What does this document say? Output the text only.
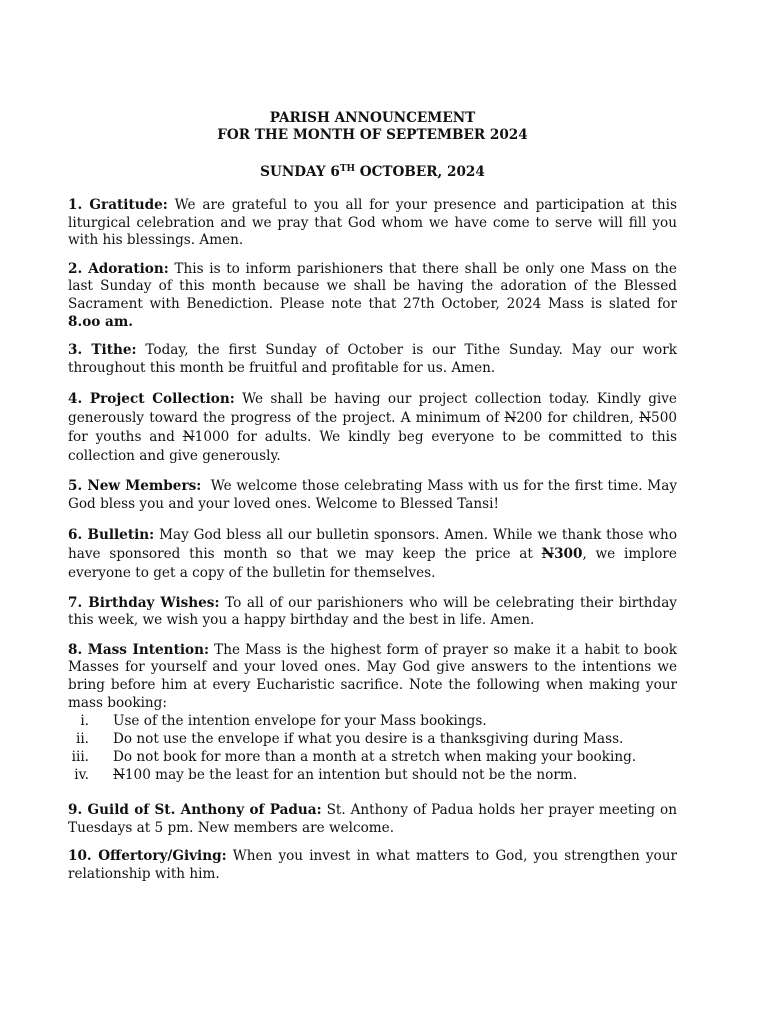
PARISH ANNOUNCEMENT

FOR THE MONTH OF SEPTEMBER 2024

SUNDAY 6TH OCTOBER, 2024

1. Gratitude: We are grateful to you all for your presence and participation at this liturgical celebration and we pray that God whom we have come to serve will fill you with his blessings. Amen.

2. Adoration: This is to inform parishioners that there shall be only one Mass on the last Sunday of this month because we shall be having the adoration of the Blessed Sacrament with Benediction. Please note that 27th October, 2024 Mass is slated for 8.oo am.

3. Tithe: Today, the first Sunday of October is our Tithe Sunday. May our work throughout this month be fruitful and profitable for us. Amen.

4. Project Collection: We shall be having our project collection today. Kindly give generously toward the progress of the project. A minimum of N200 for children, N500 for youths and N1000 for adults. We kindly beg everyone to be committed to this collection and give generously.

5. New Members:  We welcome those celebrating Mass with us for the first time. May God bless you and your loved ones. Welcome to Blessed Tansi!

6. Bulletin: May God bless all our bulletin sponsors. Amen. While we thank those who have sponsored this month so that we may keep the price at N300, we implore everyone to get a copy of the bulletin for themselves.

7. Birthday Wishes: To all of our parishioners who will be celebrating their birthday this week, we wish you a happy birthday and the best in life. Amen.

8. Mass Intention: The Mass is the highest form of prayer so make it a habit to book Masses for yourself and your loved ones. May God give answers to the intentions we bring before him at every Eucharistic sacrifice. Note the following when making your mass booking:

i.	Use of the intention envelope for your Mass bookings.
ii.	Do not use the envelope if what you desire is a thanksgiving during Mass.
iii.	Do not book for more than a month at a stretch when making your booking.
iv.	N100 may be the least for an intention but should not be the norm.

9. Guild of St. Anthony of Padua: St. Anthony of Padua holds her prayer meeting on Tuesdays at 5 pm. New members are welcome.

10. Offertory/Giving: When you invest in what matters to God, you strengthen your relationship with him.
